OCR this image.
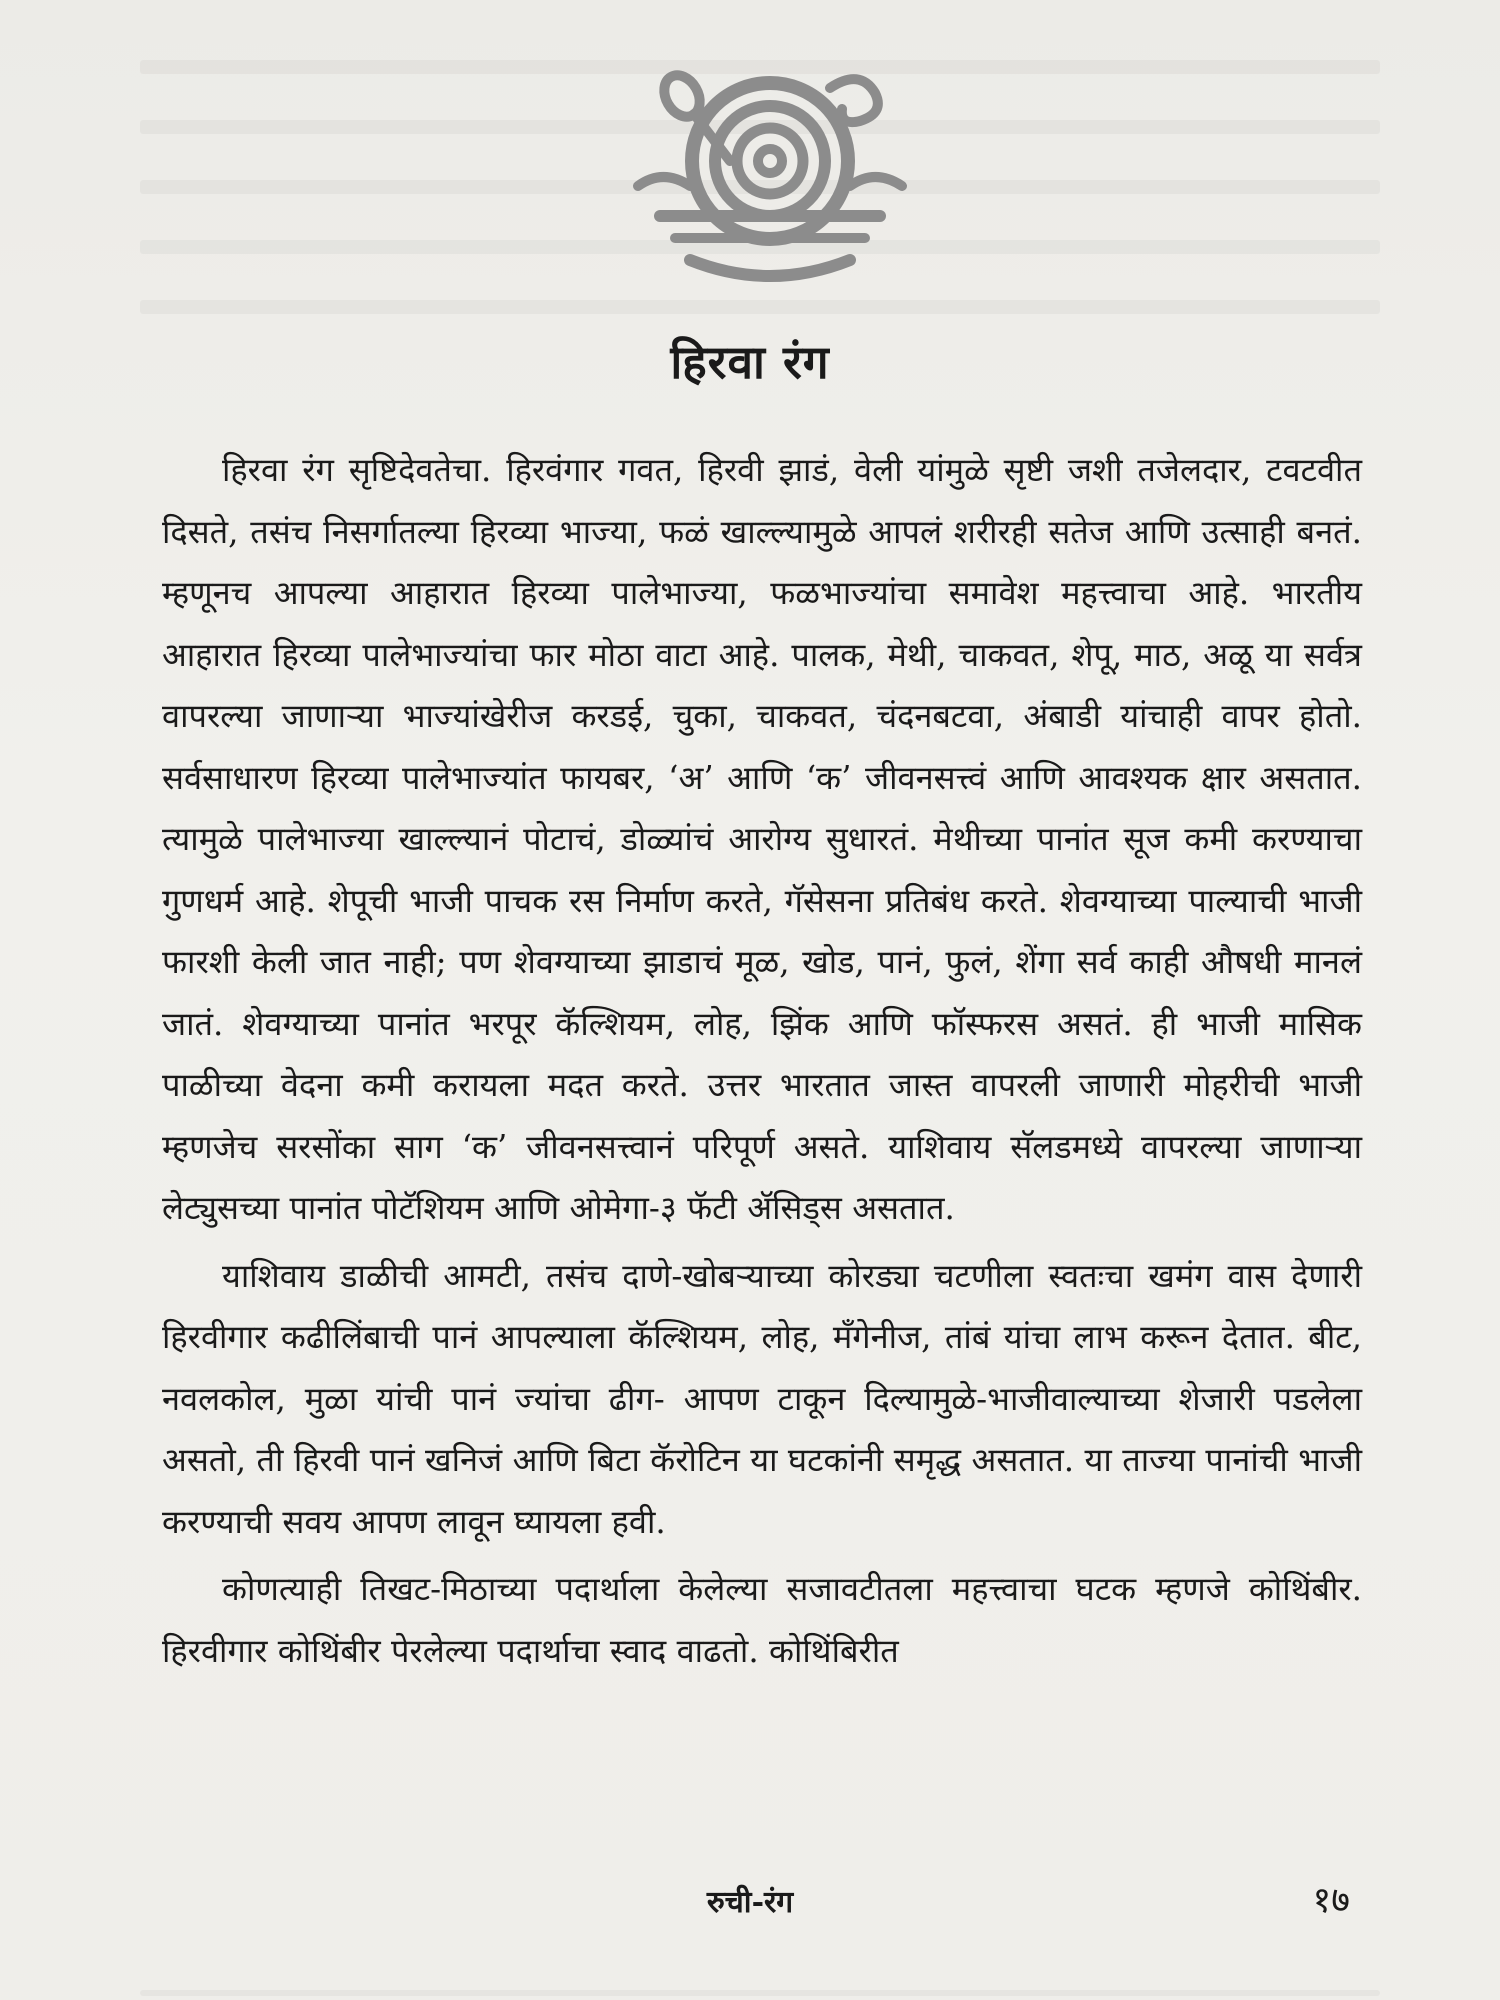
हिरवा रंग

हिरवा रंग सृष्टिदेवतेचा. हिरवंगार गवत, हिरवी झाडं, वेली यांमुळे सृष्टी जशी तजेलदार, टवटवीत दिसते, तसंच निसर्गातल्या हिरव्या भाज्या, फळं खाल्ल्यामुळे आपलं शरीरही सतेज आणि उत्साही बनतं. म्हणूनच आपल्या आहारात हिरव्या पालेभाज्या, फळभाज्यांचा समावेश महत्त्वाचा आहे. भारतीय आहारात हिरव्या पालेभाज्यांचा फार मोठा वाटा आहे. पालक, मेथी, चाकवत, शेपू, माठ, अळू या सर्वत्र वापरल्या जाणाऱ्या भाज्यांखेरीज करडई, चुका, चाकवत, चंदनबटवा, अंबाडी यांचाही वापर होतो. सर्वसाधारण हिरव्या पालेभाज्यांत फायबर, ‘अ’ आणि ‘क’ जीवनसत्त्वं आणि आवश्यक क्षार असतात. त्यामुळे पालेभाज्या खाल्ल्यानं पोटाचं, डोळ्यांचं आरोग्य सुधारतं. मेथीच्या पानांत सूज कमी करण्याचा गुणधर्म आहे. शेपूची भाजी पाचक रस निर्माण करते, गॅसेसना प्रतिबंध करते. शेवग्याच्या पाल्याची भाजी फारशी केली जात नाही; पण शेवग्याच्या झाडाचं मूळ, खोड, पानं, फुलं, शेंगा सर्व काही औषधी मानलं जातं. शेवग्याच्या पानांत भरपूर कॅल्शियम, लोह, झिंक आणि फॉस्फरस असतं. ही भाजी मासिक पाळीच्या वेदना कमी करायला मदत करते. उत्तर भारतात जास्त वापरली जाणारी मोहरीची भाजी म्हणजेच सरसोंका साग ‘क’ जीवनसत्त्वानं परिपूर्ण असते. याशिवाय सॅलडमध्ये वापरल्या जाणाऱ्या लेट्युसच्या पानांत पोटॅशियम आणि ओमेगा-३ फॅटी ॲसिड्स असतात.

याशिवाय डाळीची आमटी, तसंच दाणे-खोबऱ्याच्या कोरड्या चटणीला स्वतःचा खमंग वास देणारी हिरवीगार कढीलिंबाची पानं आपल्याला कॅल्शियम, लोह, मँगेनीज, तांबं यांचा लाभ करून देतात. बीट, नवलकोल, मुळा यांची पानं ज्यांचा ढीग- आपण टाकून दिल्यामुळे-भाजीवाल्याच्या शेजारी पडलेला असतो, ती हिरवी पानं खनिजं आणि बिटा कॅरोटिन या घटकांनी समृद्ध असतात. या ताज्या पानांची भाजी करण्याची सवय आपण लावून घ्यायला हवी.

कोणत्याही तिखट-मिठाच्या पदार्थाला केलेल्या सजावटीतला महत्त्वाचा घटक म्हणजे कोथिंबीर. हिरवीगार कोथिंबीर पेरलेल्या पदार्थाचा स्वाद वाढतो. कोथिंबिरीत

रुची-रंग	१७
